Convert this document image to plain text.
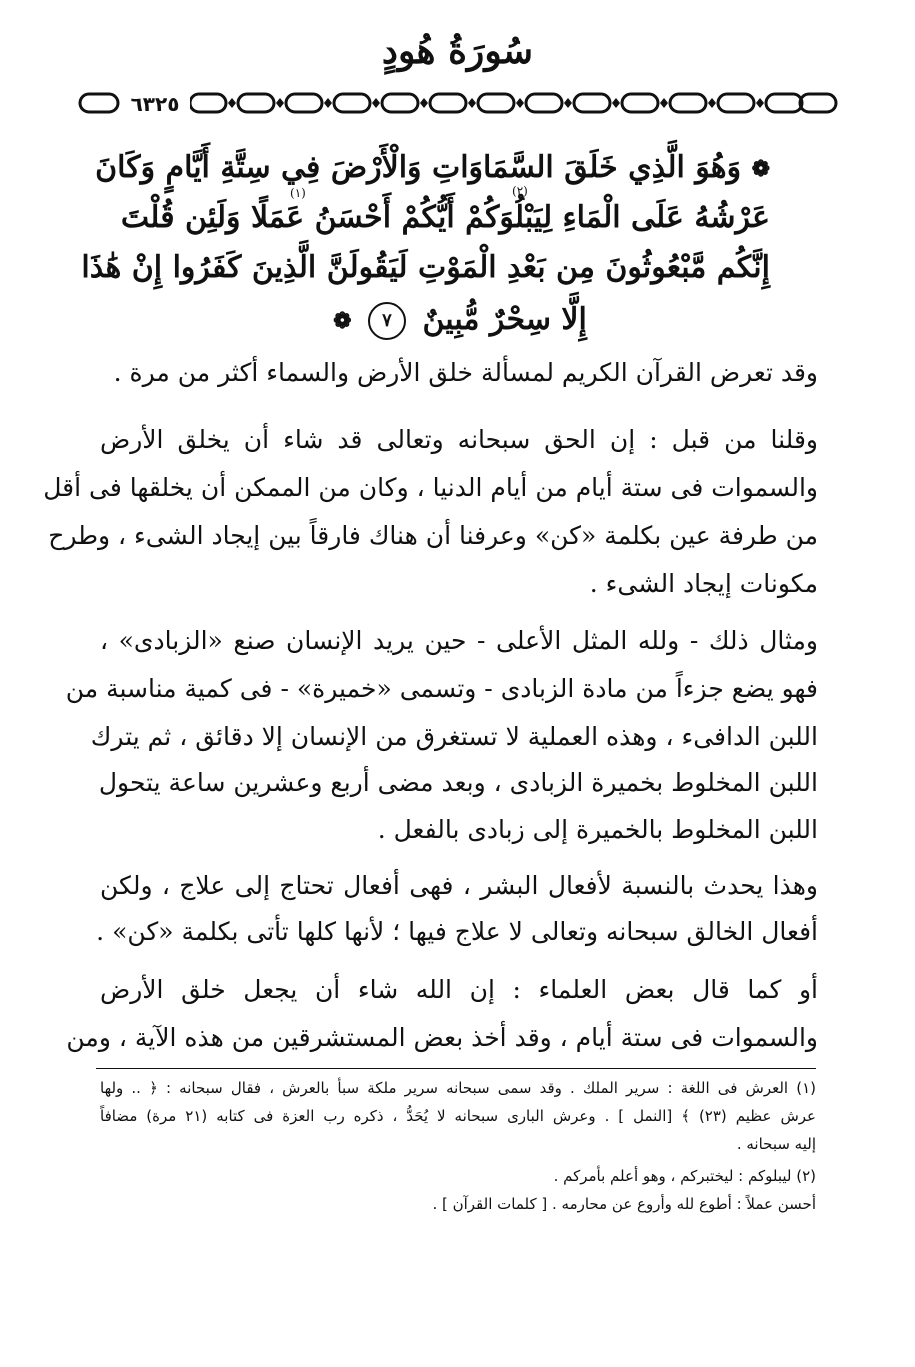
سُورَةُ هُودٍ
٦٣٢٥
❁ وَهُوَ الَّذِي خَلَقَ السَّمَاوَاتِ وَالْأَرْضَ فِي سِتَّةِ أَيَّامٍ وَكَانَ
عَرْشُهُ عَلَى الْمَاءِ لِيَبْلُوَكُمْ أَيُّكُمْ أَحْسَنُ عَمَلًا وَلَئِن قُلْتَ
إِنَّكُم مَّبْعُوثُونَ مِن بَعْدِ الْمَوْتِ لَيَقُولَنَّ الَّذِينَ كَفَرُوا إِنْ هَٰذَا
إِلَّا سِحْرٌ مُّبِينٌ ٧ ❁
(١)	(٢)
وقد تعرض القرآن الكريم لمسألة خلق الأرض والسماء أكثر من مرة .
وقلنا من قبل : إن الحق سبحانه وتعالى قد شاء أن يخلق الأرض
والسموات فى ستة أيام من أيام الدنيا ، وكان من الممكن أن يخلقها فى أقل
من طرفة عين بكلمة «كن» وعرفنا أن هناك فارقاً بين إيجاد الشىء ، وطرح
مكونات إيجاد الشىء .
ومثال ذلك - ولله المثل الأعلى - حين يريد الإنسان صنع «الزبادى» ،
فهو يضع جزءاً من مادة الزبادى - وتسمى «خميرة» - فى كمية مناسبة من
اللبن الدافىء ، وهذه العملية لا تستغرق من الإنسان إلا دقائق ، ثم يترك
اللبن المخلوط بخميرة الزبادى ، وبعد مضى أربع وعشرين ساعة يتحول
اللبن المخلوط بالخميرة إلى زبادى بالفعل .
وهذا يحدث بالنسبة لأفعال البشر ، فهى أفعال تحتاج إلى علاج ، ولكن
أفعال الخالق سبحانه وتعالى لا علاج فيها ؛ لأنها كلها تأتى بكلمة «كن» .
أو كما قال بعض العلماء : إن الله شاء أن يجعل خلق الأرض
والسموات فى ستة أيام ، وقد أخذ بعض المستشرقين من هذه الآية ، ومن
(١) العرش فى اللغة : سرير الملك . وقد سمى سبحانه سرير ملكة سبأ بالعرش ، فقال سبحانه : ﴿ .. ولها
عرش عظيم (٢٣) ﴾ [النمل ] . وعرش البارى سبحانه لا يُحَدُّ ، ذكره رب العزة فى كتابه (٢١ مرة) مضافاً
إليه سبحانه .
(٢) ليبلوكم : ليختبركم ، وهو أعلم بأمركم .
أحسن عملاً : أطوع لله وأروع عن محارمه . [ كلمات القرآن ] .
